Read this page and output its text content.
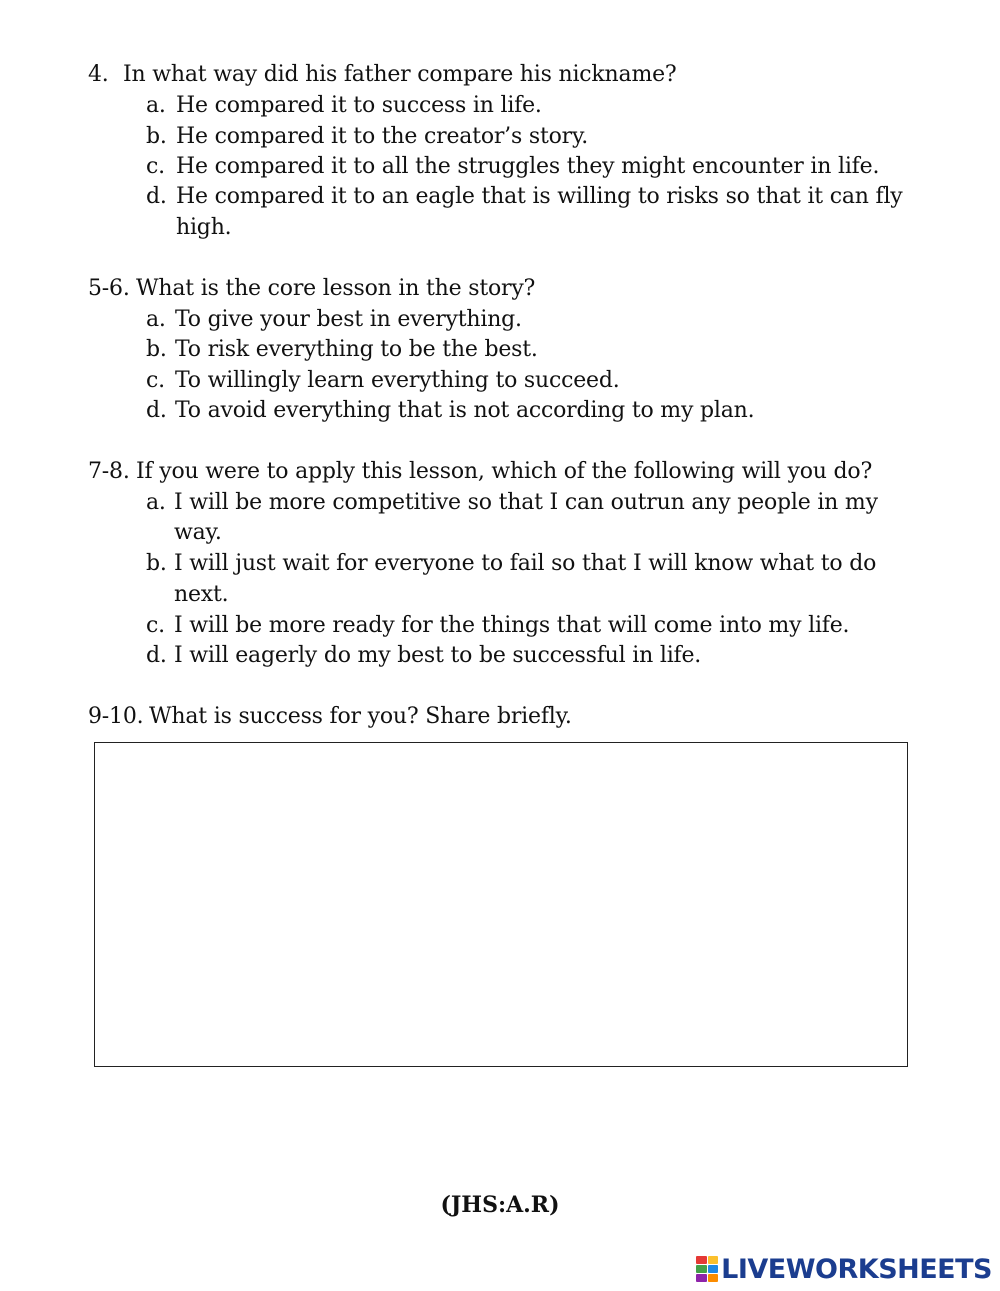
4. In what way did his father compare his nickname?
a. He compared it to success in life.
b. He compared it to the creator’s story.
c. He compared it to all the struggles they might encounter in life.
d. He compared it to an eagle that is willing to risks so that it can fly
high.
5-6. What is the core lesson in the story?
a. To give your best in everything.
b. To risk everything to be the best.
c. To willingly learn everything to succeed.
d. To avoid everything that is not according to my plan.
7-8. If you were to apply this lesson, which of the following will you do?
a. I will be more competitive so that I can outrun any people in my
way.
b. I will just wait for everyone to fail so that I will know what to do
next.
c. I will be more ready for the things that will come into my life.
d. I will eagerly do my best to be successful in life.
9-10. What is success for you? Share briefly.
(JHS:A.R)
LIVEWORKSHEETS
